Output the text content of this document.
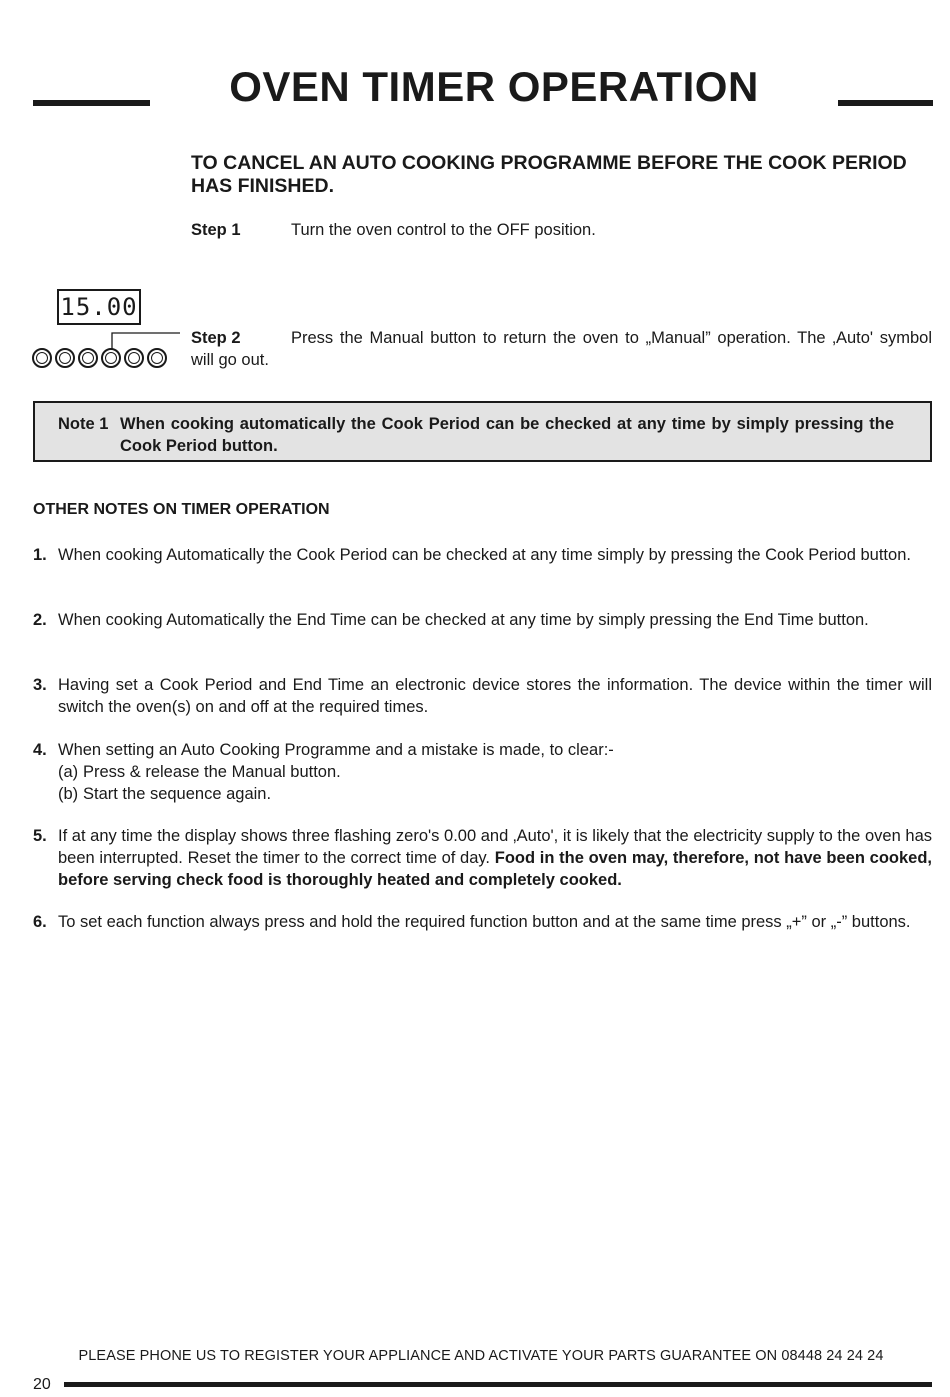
OVEN TIMER OPERATION
TO CANCEL AN AUTO COOKING PROGRAMME BEFORE THE COOK PERIOD HAS FINISHED.
Step 1	Turn the oven control to the OFF position.
15.00
Step 2	Press the Manual button to return the oven to „Manual” operation. The ‚Auto' symbol will go out.
Note 1 When cooking automatically the Cook Period can be checked at any time by simply pressing the Cook Period button.
OTHER NOTES ON TIMER OPERATION
1. When cooking Automatically the Cook Period can be checked at any time simply by pressing the Cook Period button.
2. When cooking Automatically the End Time can be checked at any time by simply pressing the End Time button.
3. Having set a Cook Period and End Time an electronic device stores the information. The device within the timer will switch the oven(s) on and off at the required times.
4. When setting an Auto Cooking Programme and a mistake is made, to clear:-
(a) Press & release the Manual button.
(b) Start the sequence again.
5. If at any time the display shows three flashing zero's 0.00 and ‚Auto', it is likely that the electricity supply to the oven has been interrupted. Reset the timer to the correct time of day. Food in the oven may, therefore, not have been cooked, before serving check food is thoroughly heated and completely cooked.
6. To set each function always press and hold the required function button and at the same time press „+” or „-” buttons.
PLEASE PHONE US TO REGISTER YOUR APPLIANCE AND ACTIVATE YOUR PARTS GUARANTEE ON 08448 24 24 24
20
